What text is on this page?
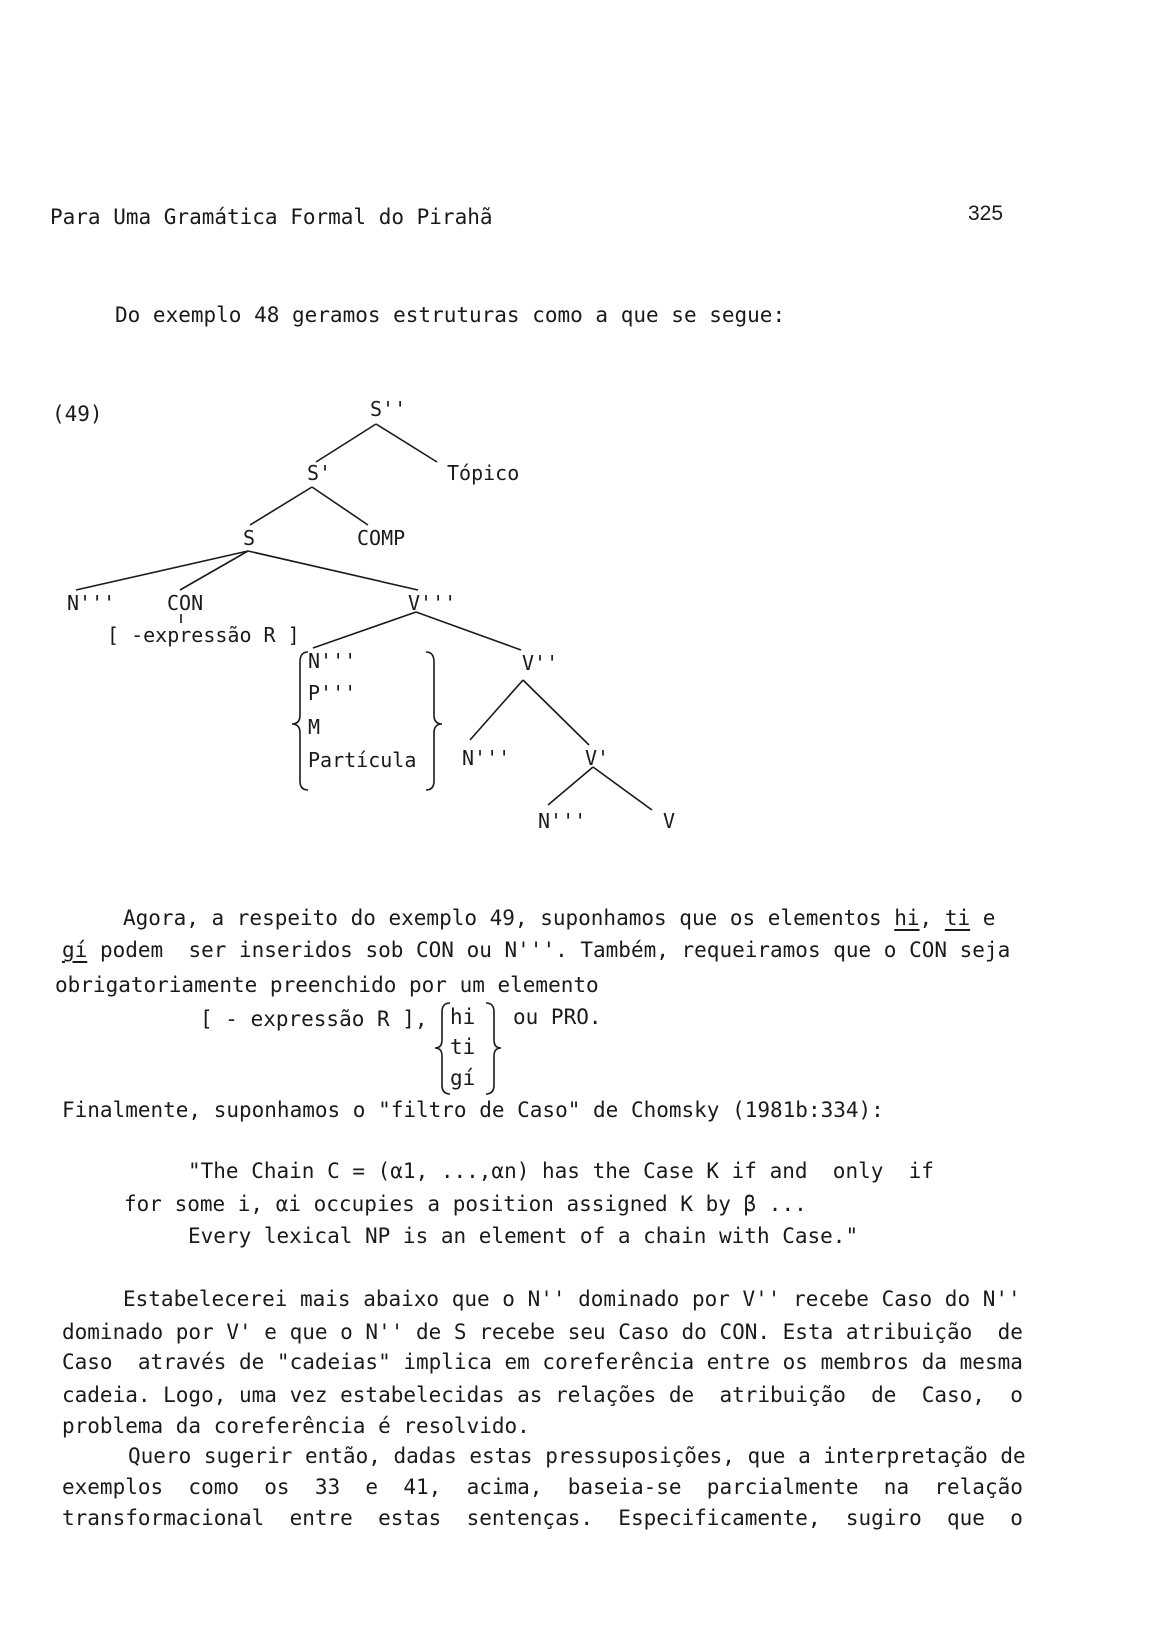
Para Uma Gramática Formal do Pirahã	325
Do exemplo 48 geramos estruturas como a que se segue:
(49)	S''
Tópico
S'
S	COMP
N'''	CON
[ -expressão R ]
V'''
N'''
P'''
M
Partícula
V''
N'''	V'
N'''	V
Agora, a respeito do exemplo 49, suponhamos que os elementos hi, ti e
gí podem  ser inseridos sob CON ou N'''. Também, requeiramos que o CON seja
obrigatoriamente preenchido por um elemento
[ - expressão R ], hi
ti
gí
ou PRO.
Finalmente, suponhamos o "filtro de Caso" de Chomsky (1981b:334):
"The Chain C = (α1, ...,αn) has the Case K if and  only  if
for some i, αi occupies a position assigned K by β ...
Every lexical NP is an element of a chain with Case."
Estabelecerei mais abaixo que o N'' dominado por V'' recebe Caso do N''
dominado por V' e que o N'' de S recebe seu Caso do CON. Esta atribuição  de
Caso  através de "cadeias" implica em coreferência entre os membros da mesma
cadeia. Logo, uma vez estabelecidas as relações de  atribuição  de  Caso,  o
problema da coreferência é resolvido.
Quero sugerir então, dadas estas pressuposições, que a interpretação de
exemplos  como  os  33  e  41,  acima,  baseia-se  parcialmente  na  relação
transformacional  entre  estas  sentenças.  Especificamente,  sugiro  que  o
